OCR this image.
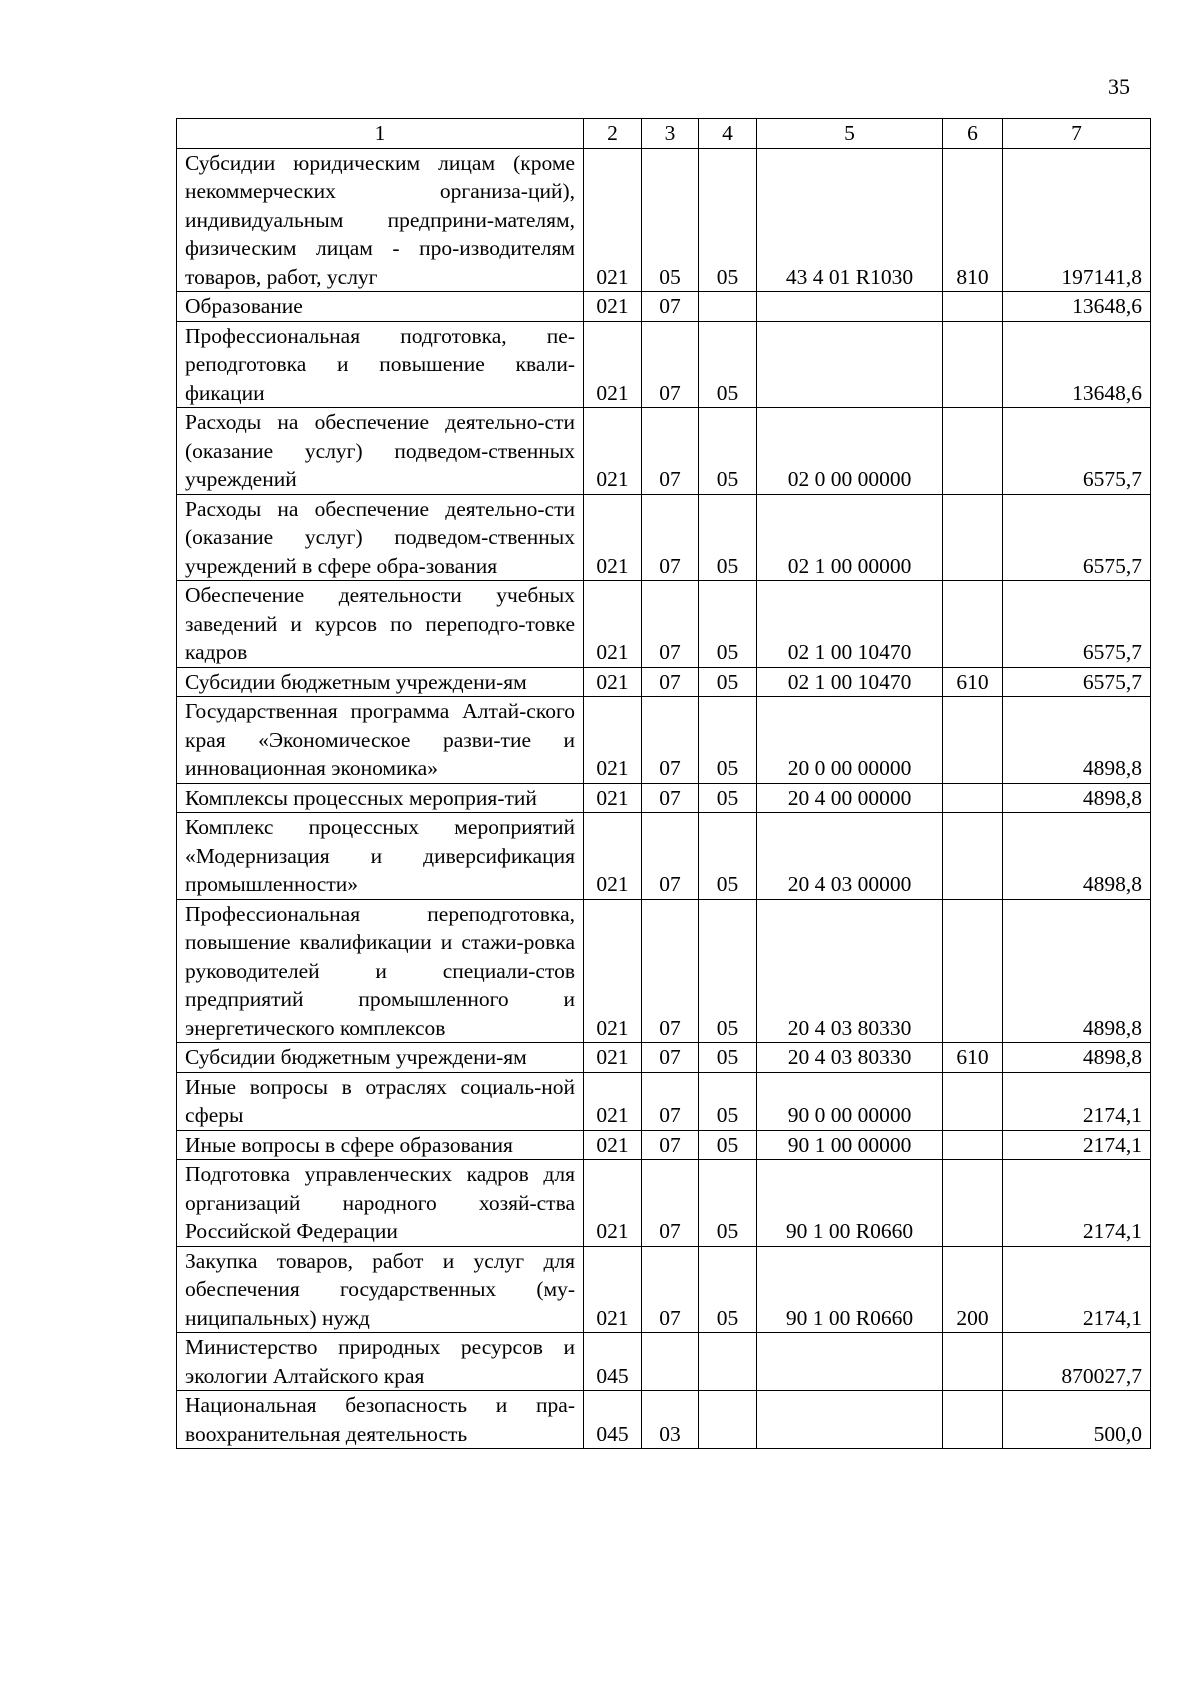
35
1	2	3	4	5	6	7
Субсидии юридическим лицам (кроме некоммерческих организа-ций), индивидуальным предприни-мателям, физическим лицам - про-изводителям товаров, работ, услуг	021	05	05	43 4 01 R1030	810	197141,8
Образование	021	07				13648,6
Профессиональная подготовка, пе-реподготовка и повышение квали-фикации	021	07	05			13648,6
Расходы на обеспечение деятельно-сти (оказание услуг) подведом-ственных учреждений	021	07	05	02 0 00 00000		6575,7
Расходы на обеспечение деятельно-сти (оказание услуг) подведом-ственных учреждений в сфере обра-зования	021	07	05	02 1 00 00000		6575,7
Обеспечение деятельности учебных заведений и курсов по переподго-товке кадров	021	07	05	02 1 00 10470		6575,7
Субсидии бюджетным учреждени-ям	021	07	05	02 1 00 10470	610	6575,7
Государственная программа Алтай-ского края «Экономическое разви-тие и инновационная экономика»	021	07	05	20 0 00 00000		4898,8
Комплексы процессных мероприя-тий	021	07	05	20 4 00 00000		4898,8
Комплекс процессных мероприятий «Модернизация и диверсификация промышленности»	021	07	05	20 4 03 00000		4898,8
Профессиональная переподготовка, повышение квалификации и стажи-ровка руководителей и специали-стов предприятий промышленного и энергетического комплексов	021	07	05	20 4 03 80330		4898,8
Субсидии бюджетным учреждени-ям	021	07	05	20 4 03 80330	610	4898,8
Иные вопросы в отраслях социаль-ной сферы	021	07	05	90 0 00 00000		2174,1
Иные вопросы в сфере образования	021	07	05	90 1 00 00000		2174,1
Подготовка управленческих кадров для организаций народного хозяй-ства Российской Федерации	021	07	05	90 1 00 R0660		2174,1
Закупка товаров, работ и услуг для обеспечения государственных (му-ниципальных) нужд	021	07	05	90 1 00 R0660	200	2174,1
Министерство природных ресурсов и экологии Алтайского края	045					870027,7
Национальная безопасность и пра-воохранительная деятельность	045	03				500,0
